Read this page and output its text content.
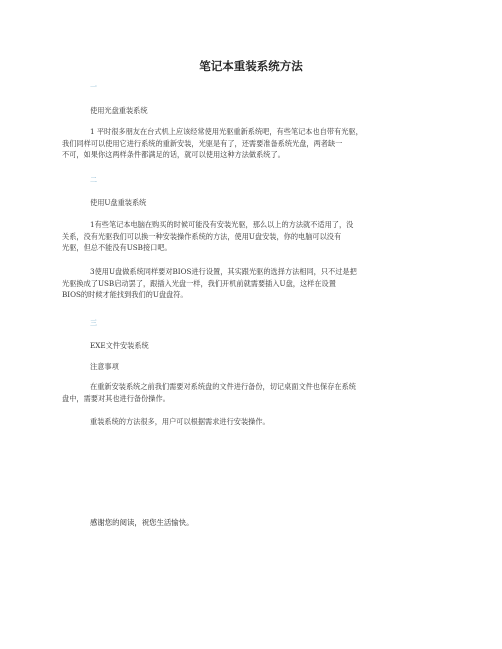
笔记本重装系统方法
一
使用光盘重装系统
1 平时很多朋友在台式机上应该经常使用光驱重新系统吧，有些笔记本也自带有光驱，
我们同样可以使用它进行系统的重新安装，光驱是有了，还需要准备系统光盘，两者缺一
不可，如果你这两样条件都满足的话，就可以使用这种方法做系统了。
二
使用U盘重装系统
1有些笔记本电脑在购买的时候可能没有安装光驱，那么以上的方法就不适用了，没
关系，没有光驱我们可以换一种安装操作系统的方法，使用U盘安装，你的电脑可以没有
光驱，但总不能没有USB接口吧。
3使用U盘做系统同样要对BIOS进行设置，其实跟光驱的选择方法相同，只不过是把
光驱换成了USB启动罢了，跟插入光盘一样，我们开机前就需要插入U盘，这样在设置
BIOS的时候才能找到我们的U盘盘符。
三
EXE文件安装系统
注意事项
在重新安装系统之前我们需要对系统盘的文件进行备份，切记桌面文件也保存在系统
盘中，需要对其也进行备份操作。
重装系统的方法很多，用户可以根据需求进行安装操作。
感谢您的阅读，祝您生活愉快。
